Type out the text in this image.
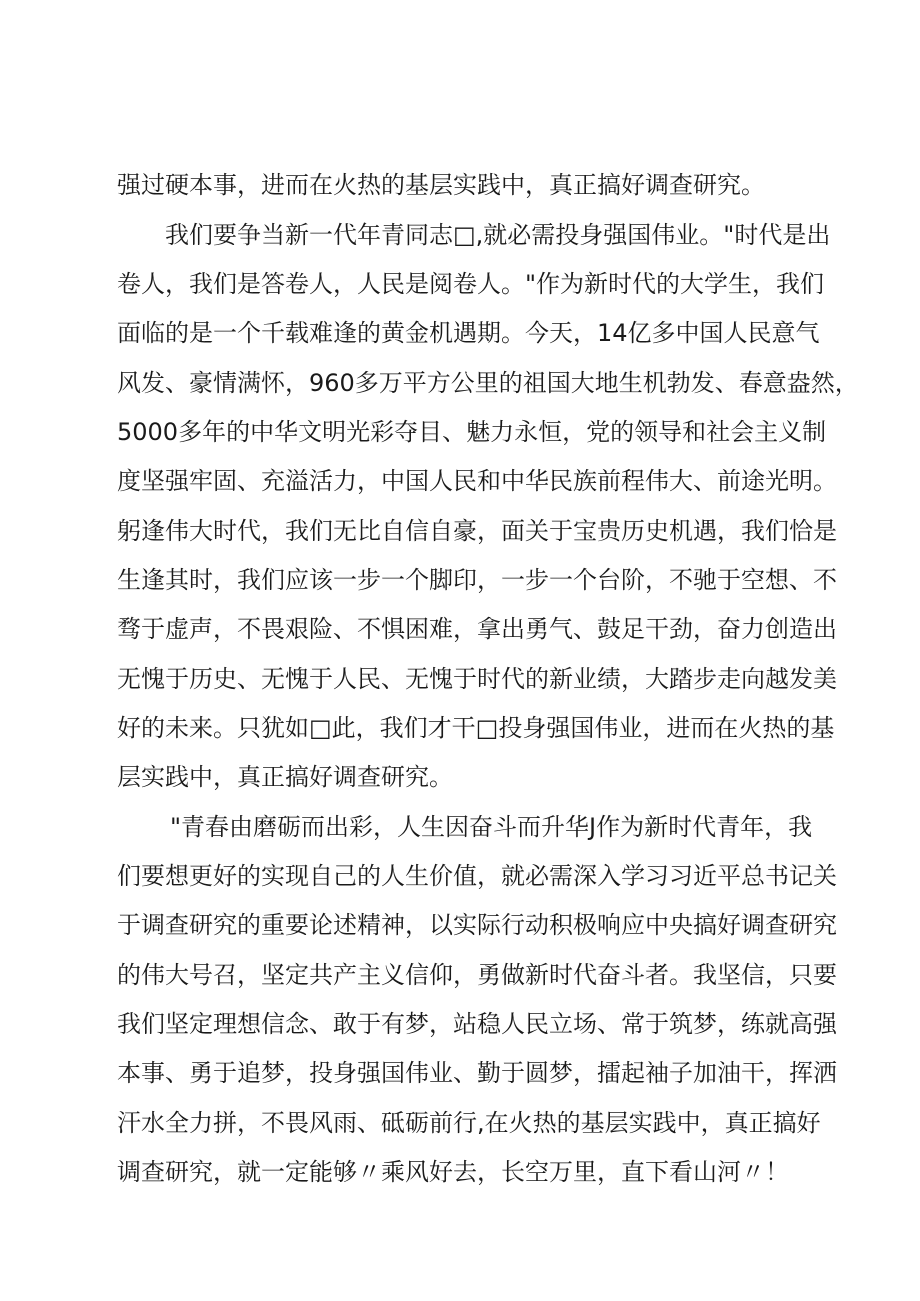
强过硬本事，进而在火热的基层实践中，真正搞好调查研究。

我们要争当新一代年青同志□,就必需投身强国伟业。"时代是出

卷人，我们是答卷人，人民是阅卷人。"作为新时代的大学生，我们

面临的是一个千载难逢的黄金机遇期。今天，14亿多中国人民意气

风发、豪情满怀，960多万平方公里的祖国大地生机勃发、春意盎然，

5000多年的中华文明光彩夺目、魅力永恒，党的领导和社会主义制

度坚强牢固、充溢活力，中国人民和中华民族前程伟大、前途光明。

躬逢伟大时代，我们无比自信自豪，面关于宝贵历史机遇，我们恰是

生逢其时，我们应该一步一个脚印，一步一个台阶，不驰于空想、不

骛于虚声，不畏艰险、不惧困难，拿出勇气、鼓足干劲，奋力创造出

无愧于历史、无愧于人民、无愧于时代的新业绩，大踏步走向越发美

好的未来。只犹如□此，我们才干□投身强国伟业，进而在火热的基

层实践中，真正搞好调查研究。

"青春由磨砺而出彩，人生因奋斗而升华J作为新时代青年，我

们要想更好的实现自己的人生价值，就必需深入学习习近平总书记关

于调查研究的重要论述精神，以实际行动积极响应中央搞好调查研究

的伟大号召，坚定共产主义信仰，勇做新时代奋斗者。我坚信，只要

我们坚定理想信念、敢于有梦，站稳人民立场、常于筑梦，练就高强

本事、勇于追梦，投身强国伟业、勤于圆梦，擂起袖子加油干，挥洒

汗水全力拼，不畏风雨、砥砺前行,在火热的基层实践中，真正搞好

调查研究，就一定能够〃乘风好去，长空万里，直下看山河〃！
